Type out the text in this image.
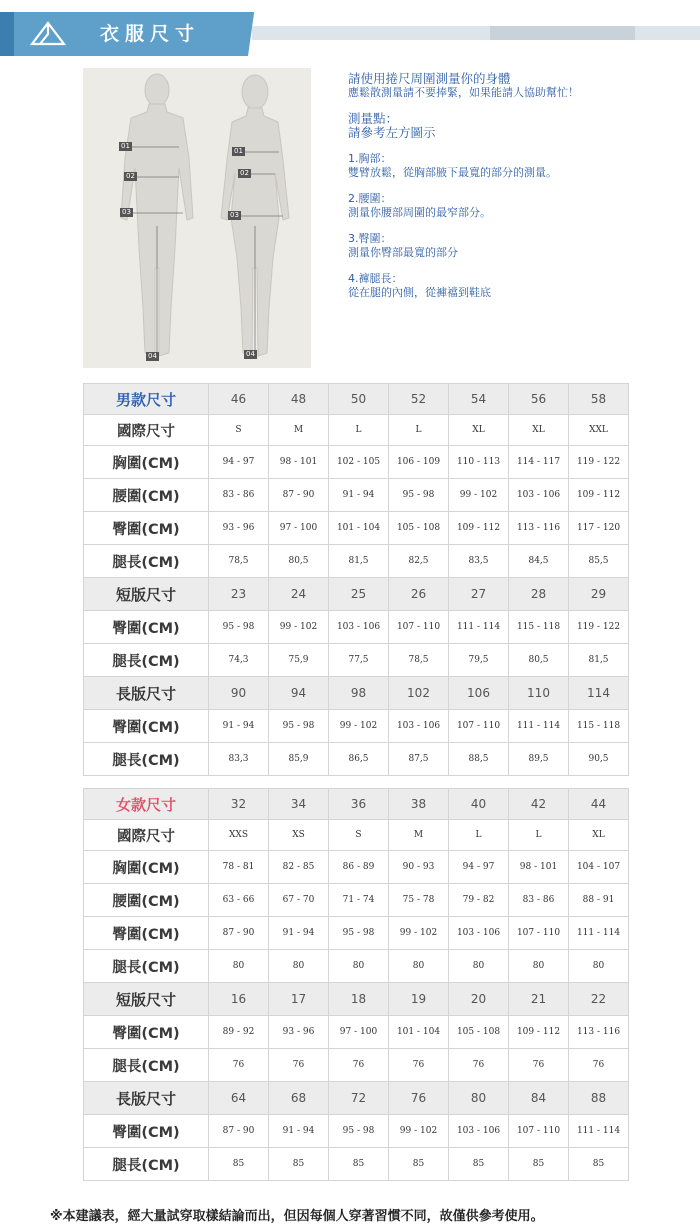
衣服尺寸
01
02
03
04
01
02
03
04
請使用捲尺周圍測量你的身體
應鬆散測量請不要捧緊，如果能請人協助幫忙！
測量點：
請參考左方圖示
1.胸部：
雙臂放鬆，從胸部腋下最寬的部分的測量。
2.腰圍：
測量你腰部周圍的最窄部分。
3.臀圍：
測量你臀部最寬的部分
4.褲腿長：
從在腿的內側，從褲襠到鞋底
男款尺寸	46	48	50	52	54	56	58
國際尺寸	S	M	L	L	XL	XL	XXL
胸圍(CM)	94 - 97	98 - 101	102 - 105	106 - 109	110 - 113	114 - 117	119 - 122
腰圍(CM)	83 - 86	87 - 90	91 - 94	95 - 98	99 - 102	103 - 106	109 - 112
臀圍(CM)	93 - 96	97 - 100	101 - 104	105 - 108	109 - 112	113 - 116	117 - 120
腿長(CM)	78,5	80,5	81,5	82,5	83,5	84,5	85,5
短版尺寸	23	24	25	26	27	28	29
臀圍(CM)	95 - 98	99 - 102	103 - 106	107 - 110	111 - 114	115 - 118	119 - 122
腿長(CM)	74,3	75,9	77,5	78,5	79,5	80,5	81,5
長版尺寸	90	94	98	102	106	110	114
臀圍(CM)	91 - 94	95 - 98	99 - 102	103 - 106	107 - 110	111 - 114	115 - 118
腿長(CM)	83,3	85,9	86,5	87,5	88,5	89,5	90,5
女款尺寸	32	34	36	38	40	42	44
國際尺寸	XXS	XS	S	M	L	L	XL
胸圍(CM)	78 - 81	82 - 85	86 - 89	90 - 93	94 - 97	98 - 101	104 - 107
腰圍(CM)	63 - 66	67 - 70	71 - 74	75 - 78	79 - 82	83 - 86	88 - 91
臀圍(CM)	87 - 90	91 - 94	95 - 98	99 - 102	103 - 106	107 - 110	111 - 114
腿長(CM)	80	80	80	80	80	80	80
短版尺寸	16	17	18	19	20	21	22
臀圍(CM)	89 - 92	93 - 96	97 - 100	101 - 104	105 - 108	109 - 112	113 - 116
腿長(CM)	76	76	76	76	76	76	76
長版尺寸	64	68	72	76	80	84	88
臀圍(CM)	87 - 90	91 - 94	95 - 98	99 - 102	103 - 106	107 - 110	111 - 114
腿長(CM)	85	85	85	85	85	85	85
※本建議表，經大量試穿取樣結論而出，但因每個人穿著習慣不同，故僅供參考使用。
